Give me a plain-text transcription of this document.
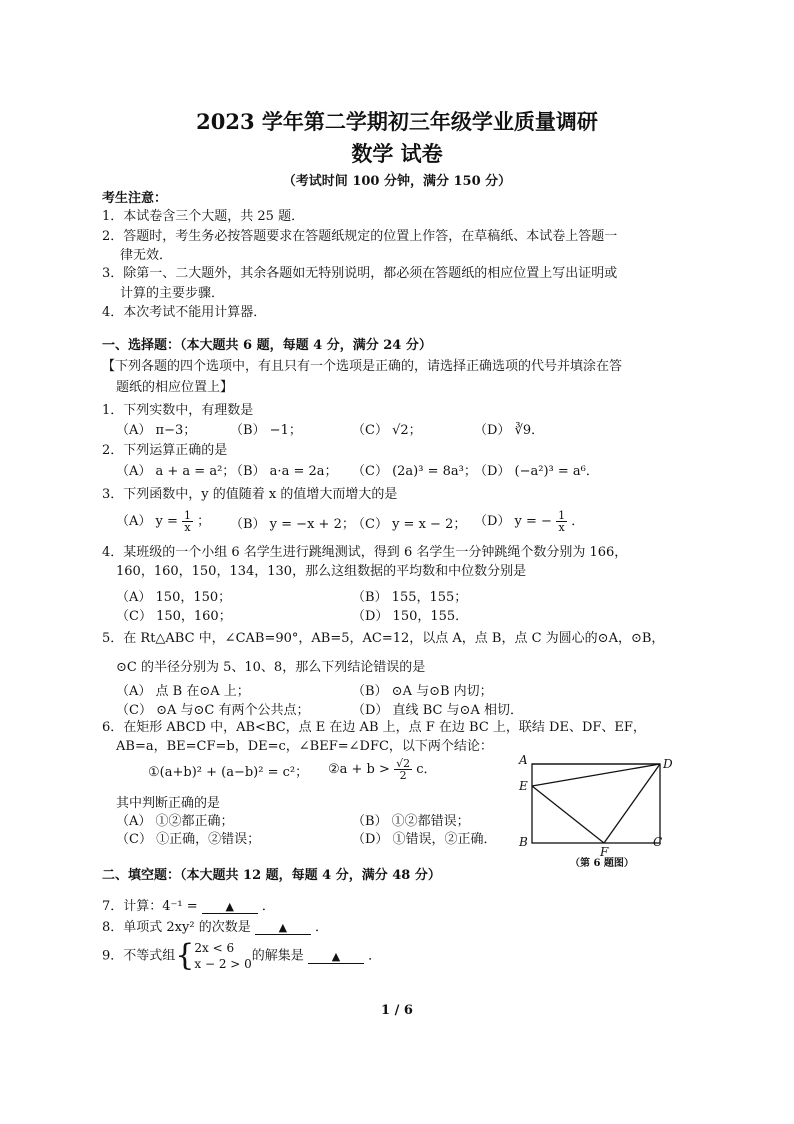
2023 学年第二学期初三年级学业质量调研
数学 试卷
（考试时间 100 分钟，满分 150 分）
考生注意：
1．本试卷含三个大题，共 25 题．
2．答题时，考生务必按答题要求在答题纸规定的位置上作答，在草稿纸、本试卷上答题一
律无效．
3．除第一、二大题外，其余各题如无特别说明，都必须在答题纸的相应位置上写出证明或
计算的主要步骤．
4．本次考试不能用计算器．
一、选择题：（本大题共 6 题，每题 4 分，满分 24 分）
【下列各题的四个选项中，有且只有一个选项是正确的，请选择正确选项的代号并填涂在答
题纸的相应位置上】
1．下列实数中，有理数是
（A） π−3；	（B） −1；	（C） √2；	（D） ∛9．
2．下列运算正确的是
（A） a + a = a²；
（B） a·a = 2a； （C） (2a)³ = 8a³；
（D） (−a²)³ = a⁶．
3．下列函数中，y 的值随着 x 的值增大而增大的是
（A） $y = \frac{1}{x}$ ； （B） y = −x + 2；
（C） y = x − 2； （D） y = − $\frac{1}{x}$ ．
4．某班级的一个小组 6 名学生进行跳绳测试，得到 6 名学生一分钟跳绳个数分别为 166，
160，160，150，134，130，那么这组数据的平均数和中位数分别是
（A） 150，150；	（B） 155，155；
（C） 150，160；	（D） 150，155．
5．在 Rt△ABC 中，∠CAB=90°，AB=5，AC=12，以点 A，点 B，点 C 为圆心的⊙A，⊙B，
⊙C 的半径分别为 5、10、8，那么下列结论错误的是
（A） 点 B 在⊙A 上；	（B） ⊙A 与⊙B 内切；
（C） ⊙A 与⊙C 有两个公共点；	（D） 直线 BC 与⊙A 相切．
6．在矩形 ABCD 中，AB<BC，点 E 在边 AB 上，点 F 在边 BC 上，联结 DE、DF、EF，
AB=a，BE=CF=b，DE=c，∠BEF=∠DFC，以下两个结论：
①(a+b)² + (a−b)² = c²； ②a + $b > \frac{√2}{2}$ c．
其中判断正确的是
（A） ①②都正确；	（B） ①②都错误；
（C） ①正确，②错误；	（D） ①错误，②正确．
A	D
E
B
F
C
（第 6 题图）
二、填空题：（本大题共 12 题，每题 4 分，满分 48 分）
7．计算：4⁻¹ =	▲ ．
8．单项式 2xy² 的次数是	▲ ．
9．不等式组{ 2x < 6
x − 2 > 0
的解集是	▲ ．
1 / 6
